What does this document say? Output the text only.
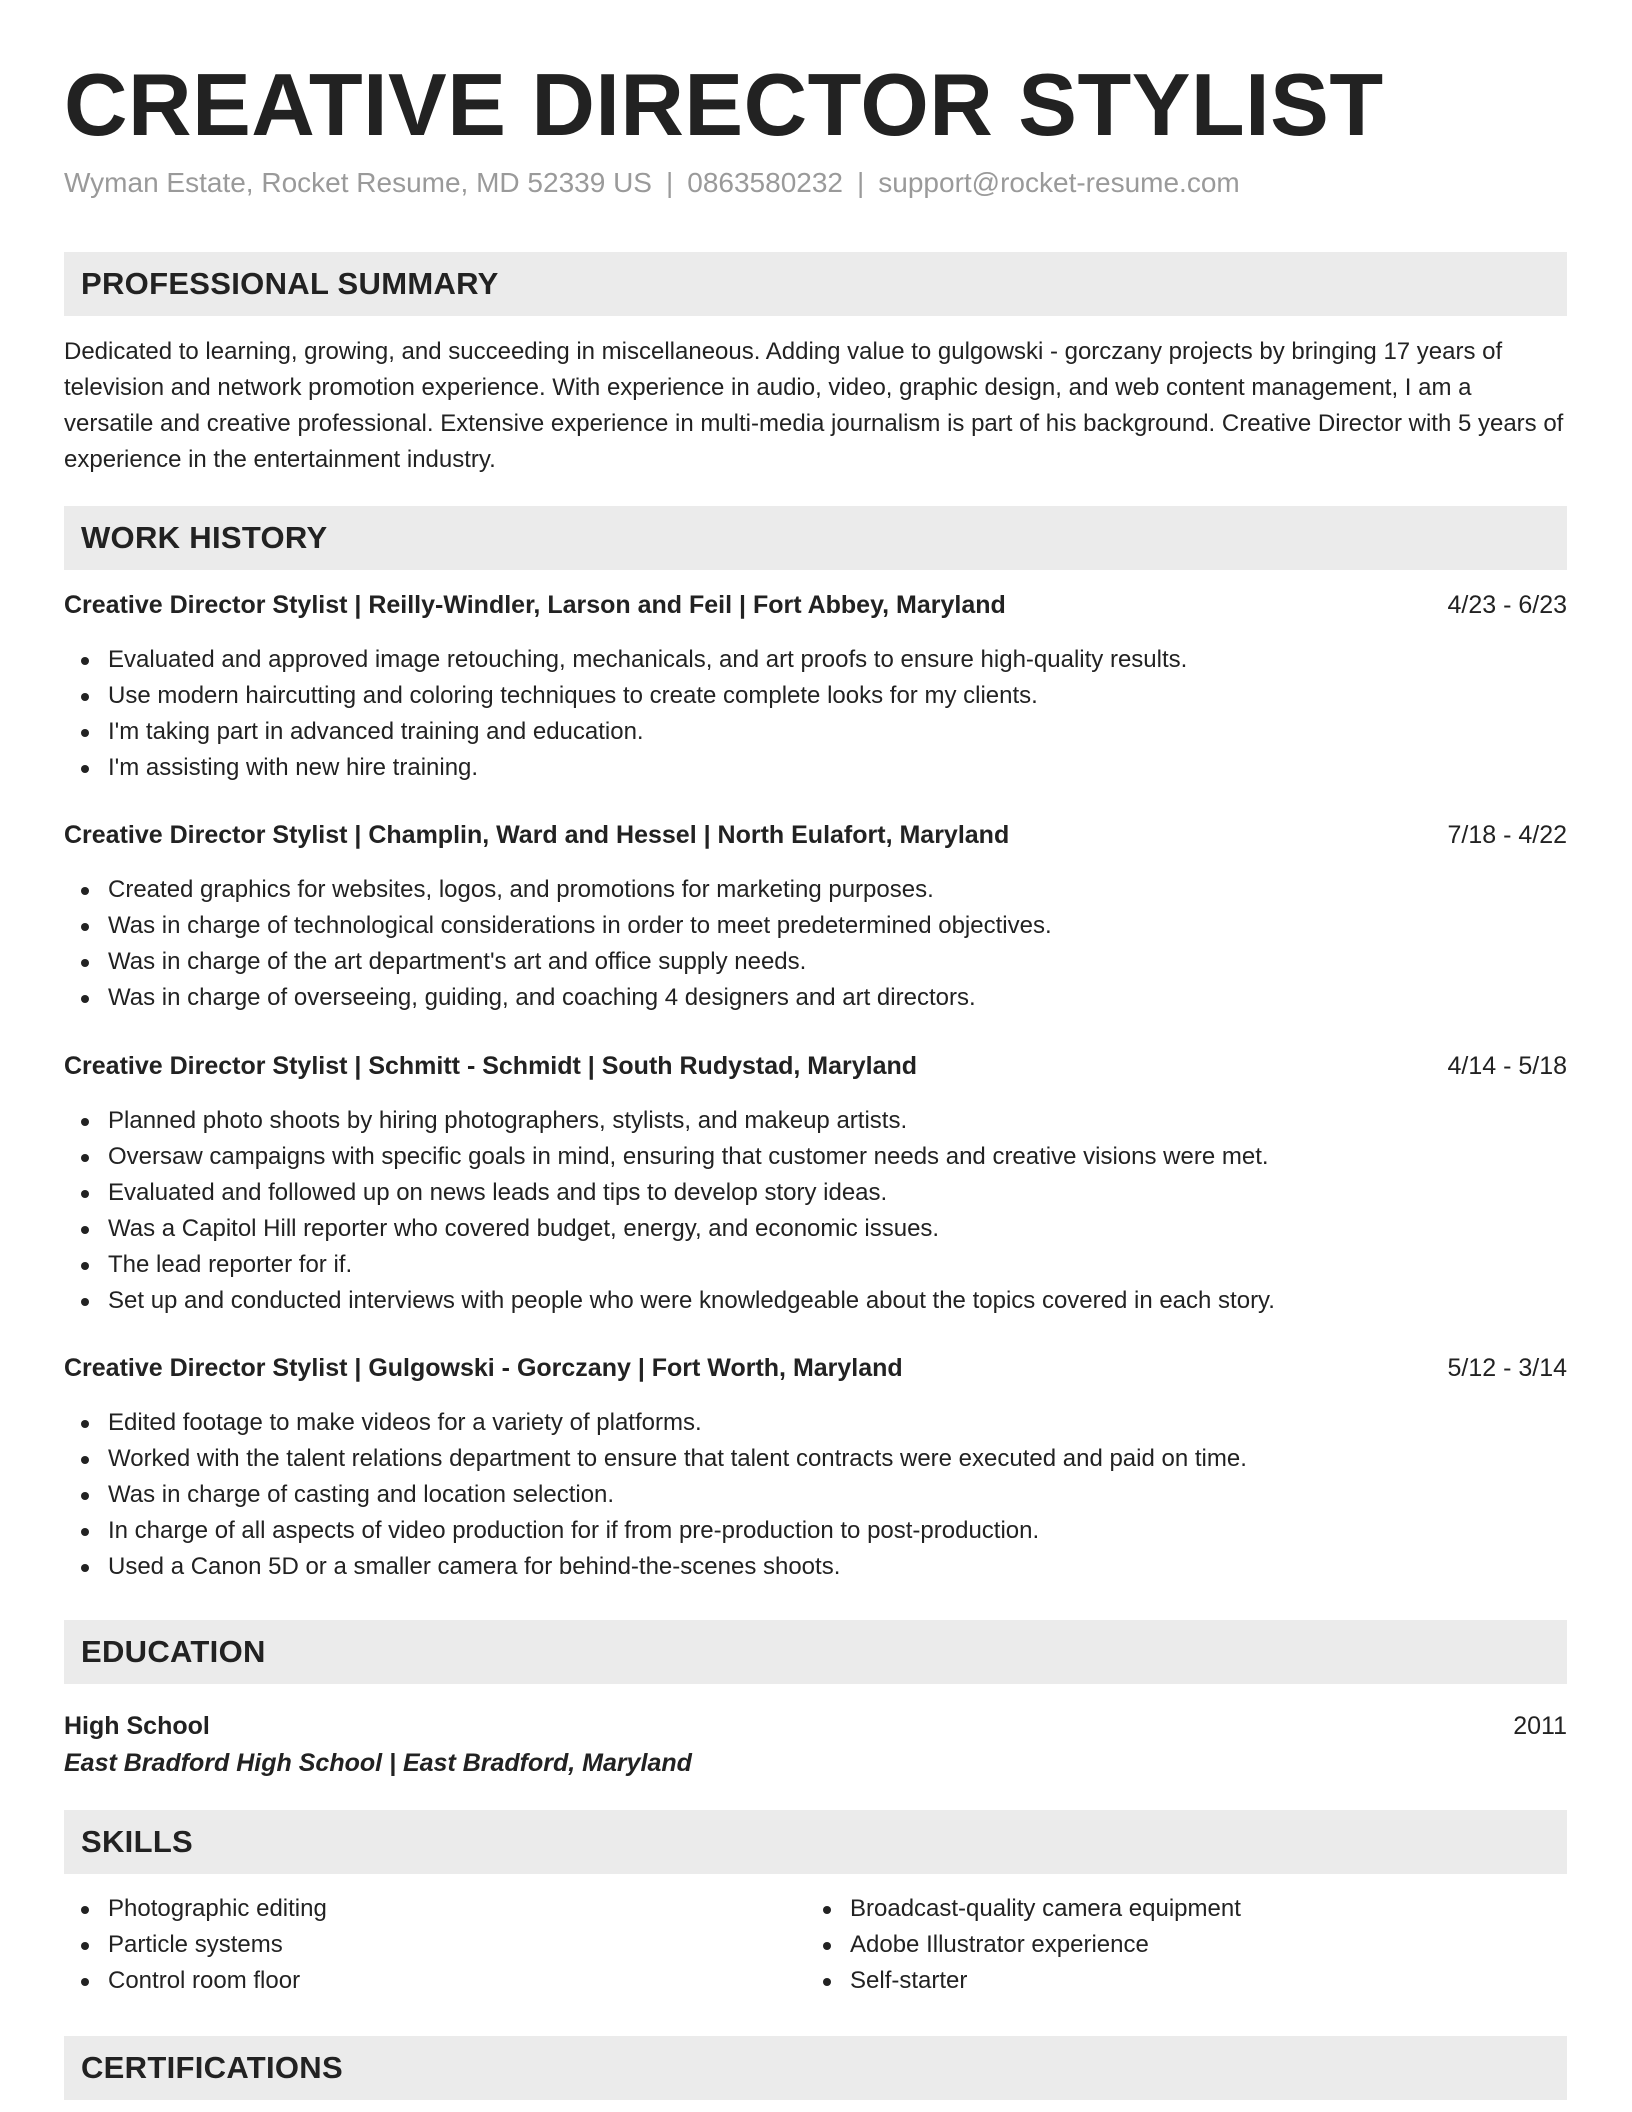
CREATIVE DIRECTOR STYLIST
Wyman Estate, Rocket Resume, MD 52339 US | 0863580232 | support@rocket-resume.com
PROFESSIONAL SUMMARY

Dedicated to learning, growing, and succeeding in miscellaneous. Adding value to gulgowski - gorczany projects by bringing 17 years of television and network promotion experience. With experience in audio, video, graphic design, and web content management, I am a versatile and creative professional. Extensive experience in multi-media journalism is part of his background. Creative Director with 5 years of experience in the entertainment industry.

WORK HISTORY
Creative Director Stylist | Reilly-Windler, Larson and Feil | Fort Abbey, Maryland	4/23 - 6/23
Evaluated and approved image retouching, mechanicals, and art proofs to ensure high-quality results.
Use modern haircutting and coloring techniques to create complete looks for my clients.
I'm taking part in advanced training and education.
I'm assisting with new hire training.
Creative Director Stylist | Champlin, Ward and Hessel | North Eulafort, Maryland	7/18 - 4/22
Created graphics for websites, logos, and promotions for marketing purposes.
Was in charge of technological considerations in order to meet predetermined objectives.
Was in charge of the art department's art and office supply needs.
Was in charge of overseeing, guiding, and coaching 4 designers and art directors.
Creative Director Stylist | Schmitt - Schmidt | South Rudystad, Maryland	4/14 - 5/18
Planned photo shoots by hiring photographers, stylists, and makeup artists.
Oversaw campaigns with specific goals in mind, ensuring that customer needs and creative visions were met.
Evaluated and followed up on news leads and tips to develop story ideas.
Was a Capitol Hill reporter who covered budget, energy, and economic issues.
The lead reporter for if.
Set up and conducted interviews with people who were knowledgeable about the topics covered in each story.
Creative Director Stylist | Gulgowski - Gorczany | Fort Worth, Maryland	5/12 - 3/14
Edited footage to make videos for a variety of platforms.
Worked with the talent relations department to ensure that talent contracts were executed and paid on time.
Was in charge of casting and location selection.
In charge of all aspects of video production for if from pre-production to post-production.
Used a Canon 5D or a smaller camera for behind-the-scenes shoots.
EDUCATION
High School	2011
East Bradford High School | East Bradford, Maryland
SKILLS
Photographic editing
Particle systems
Control room floor
Broadcast-quality camera equipment
Adobe Illustrator experience
Self-starter
CERTIFICATIONS
